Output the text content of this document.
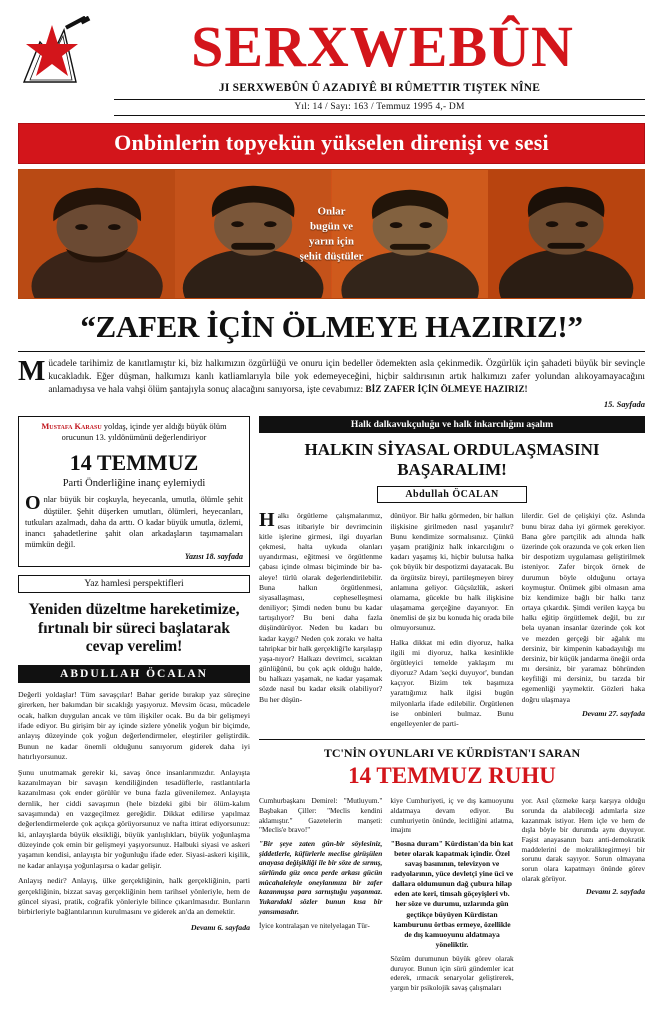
SERXWEBÛN
JI SERXWEBÛN Û AZADIYÊ BI RÛMETTIR TIŞTEK NÎNE
Yıl: 14 / Sayı: 163 / Temmuz 1995 4,- DM
Onbinlerin topyekün yükselen direnişi ve sesi
Onlar
bugün ve
yarın için
şehit düştüler
“ZAFER İÇİN ÖLMEYE HAZIRIZ!”
Mücadele tarihimiz de kanıtlamıştır ki, biz halkımızın özgürlüğü ve onuru için bedeller ödemekten asla çekinmedik. Özgürlük için şahadeti büyük bir sevinçle kucakladık. Eğer düşman, halkımızı kanlı katliamlarıyla bile yok edemeyeceğini, hiçbir saldırısının artık halkımızı zafer yolundan alıkoyamayacağını anlamadıysa ve hala vahşi ölüm şantajıyla sonuç alacağını sanıyorsa, işte cevabımız: BİZ ZAFER İÇİN ÖLMEYE HAZIRIZ!
15. Sayfada
Mustafa Karasu yoldaş, içinde yer aldığı büyük ölüm orucunun 13. yıldönümünü değerlendiriyor
14 TEMMUZ
Parti Önderliğine inanç eylemiydi
Onlar büyük bir coşkuyla, heyecanla, umutla, ölümle şehit düştüler. Şehit düşerken umutları, ölümleri, heyecanları, tutkuları azalmadı, daha da arttı. O kadar büyük umutla, özlemi, inancı şahadetlerine şahit olan arkadaşların taşımamaları mümkün değil.
Yazısı 18. sayfada
Yaz hamlesi perspektifleri
Yeniden düzeltme hareketimize, fırtınalı bir süreci başlatarak cevap verelim!
ABDULLAH ÖCALAN

Değerli yoldaşlar! Tüm savaşçılar! Bahar geride bırakıp yaz süreçine girerken, her bakımdan bir sıcaklığı yaşıyoruz. Mevsim öcası, mücadele ocak, halkın duygulan ancak ve tüm ilişkiler ocak. Bu da bir gelişmeyi ifade ediyor. Bu girişim bir ay içinde sizlere yönelik yoğun bir biçimde, anlayış düzeyinde çok yoğun değerlendirmeler, eleştiriler geliştirdik. Bunun ne kadar önemli olduğunu sanıyorum giderek daha iyi hatırlıyorsunuz.

Şunu unutmamak gerekir ki, savaş önce insanlarımızdır. Anlayışta kazanılmayan bir savaşın kendiliğinden tesadüflerle, rastlantılarla kazanılması çok ender görülür ve buna fazla güvenilemez. Anlayışta dernlik, her ciddi savaşımın (hele bizdeki gibi bir ölüm-kalım savaşımında) en vazgeçilmez gereğidir. Dikkat edilirse yapılmaz değerlendirmelerde çok açıkça görüyorsunuz ve nafta ittirat ediyorsunuz: ki, anlayışlarda büyük eksikliği, büyük yanlışlıkları, büyük yoğunlaşma düzeyinde çok emin bir gelişmeyi yaşıyorsunuz. Halbuki siyasi ve askeri yaşamın kendisi, anlayışta bir yoğunluğu ifade eder. Siyasi-askeri kişilik, ne kadar anlayışa yoğunlaşırsa o kadar gelişir.

Anlayış nedir? Anlayış, ülke gerçekliğinin, halk gerçekliğinin, parti gerçekliğinin, bizzat savaş gerçekliğinin hem tarihsel yönleriyle, hem de güncel siyasi, pratik, coğrafik yönleriyle bilince çıkarılmasıdır. Bunların birbirleriyle bağlantılarının kurulmasını ve giderek an'da an demektir.

Devamı 6. sayfada
Halk dalkavukçuluğu ve halk inkarcılığını aşalım
HALKIN SİYASAL ORDULAŞMASINI BAŞARALIM!
Abdullah ÖCALAN

Halkı örgütleme çalışmalarımız, esas itibariyle bir devrimcinin kitle işlerine girmesi, ilgi duyarlan çekmesi, halta uykuda olanları uyandırması, eğitmesi ve örgütlenme çabası içinde olması biçiminde bir ba-aleye! türlü olarak değerlendirilebilir. Buna halkın örgütlenmesi, siyasallaşması, cepheselleşmesi deniliyor; Şimdi neden bunu bu kadar tartışılıyor? Bu beni daha fazla düşündürüyor. Neden bu kadarı bu kadar kaygı? Neden çok zorakı ve halta tahripkar bir halk gerçekliği'le karşılaşıp yaşa-nıyor? Halkazı devrimci, sıcaktan günlüğünü, bu çok açık olduğu halde, bu halkazı yaşamak, ne kadar yaşamak sözde nasıl bu kadar eksik olabiliyor? Bu her düşün-

dünüyor. Bir halkı görmeden, bir halkın ilişkisine girilmeden nasıl yaşanılır? Bunu kendimize sormalısınız. Çünkü yaşam pratiğiniz halk inkarcılığını o kadarı yaşamış ki, hiçbir bulutsa halka çok büyük bir despotizmi dayatacak. Bu da örgütsüz bireyi, partileşmeyen birey anlamına geliyor. Güçsüzlük, askeri olamama, gücekle bu halk ilişkisine ulaşamama gerçeğine dayanıyor. En önemlisi de şiz bu konuda hiç orada bile olmuyorsunuz.

Halka dikkat mi edin diyoruz, halka ilgili mi diyoruz, halka kesinlikle örgütleyici temelde yaklaşım mı diyoruz? Adam 'seçki duyuyor', bundan kaçıyor. Bizim tek başımıza yarattığımız halk ilgisi bugün milyonlarla ifade edilebilir. Örgütlenen ise onbinleri bulmaz. Bunu engelleyenler de parti-

lilerdir. Gel de çelişkiyi çöz. Aslında bunu biraz daha iyi görmek gerekiyor. Bana göre partçilik adı altında halk üzerinde çok orazunda ve çok erken lien bir despotizm uygulaması geliştirilmek isteniyor. Zafer birçok örnek de durumun böyle olduğunu ortaya koymuştur. Önümek gibi olmasın ama biz kendimize bağlı bir halkı tarız ortaya çıkardık. Şimdi verilen kayça bu halkı eğitip örgütlemek değil, bu zır bela uyanan insanlar üzerinde çok kot ve mezden gerçeği bir ağalık mı dersiniz, bir kimpenin kabadayılığı mı dersiniz, bir küçük jandarma öneğii orda mı dersiniz, bir yaramaz böhründen keyfiliği mi dersiniz, bu tarzda bir egemenliği yaymektir. Gözleri haka doğru ulaşmaya

Devamı 27. sayfada
TC'NİN OYUNLARI VE KÜRDİSTAN'I SARAN
14 TEMMUZ RUHU

Cumhurbaşkanı Demirel: "Mutluyum." Başbakan Çiller: "Meclis kendini aklamıştır." Gazetelerin manşeti: "Meclis'e bravo!"

"Bir şeye zaten gün-bir söylesiniz, şiddetlerle, küfürlerle meclise girüşülen anayasa değişikliği ile bir söze de sırmış, sürlünda güz onca perde arkası gücün mücahaleleyle oneylanmıza bir zafer kazanmışsa para sarnıştuğu yaşanmaz. Yukarıdaki sözler bunun kısa bir yansımasıdır.

İyice kontralaşan ve nitelyelagan Tür-

kiye Cumhuriyeti, iç ve dış kamuoyunu aldatmaya devam ediyor. Bu cumhuriyetin önünde, lecitliğini atlatma, imajını

"Bosna duram" Kürdistan'da bin kat beter olarak kapatmak içindir. Özel savaş basınının, televizyon ve radyolarının, yüce devletçi yine üci ve dallara oldumunun dağ çubura hilap eden ate keri, timsah göçeyişleri vb. her söze ve durumu, uzlarında gün geçtikçe büyüyen Kürdistan kamburunu örtbas ermeye, özellikle de dış kamuoyunu aldatmaya yöneliktir.

Sözüm durumunun büyük görev olarak duruyor. Bunun için sürü gündemler icat ederek, ırmacık senaryolar geliştirerek, yargın bir psikolojik savaş çalışmaları

yor. Asıl çözmeke karşı karşıya olduğu sorunda da alabileceği adımlarla size kazanmak istiyor. Hem içle ve hem de dışla böyle bir durumda aynı duyuyor. Faşist anayasanın bazı anti-demokratik maddelerini de mokraliktegirmeyi bir sorunu darak sayıyor. Sorun olmayana sorun olara kapatmayı önünde görev olarak görüyor.

Devamı 2. sayfada
